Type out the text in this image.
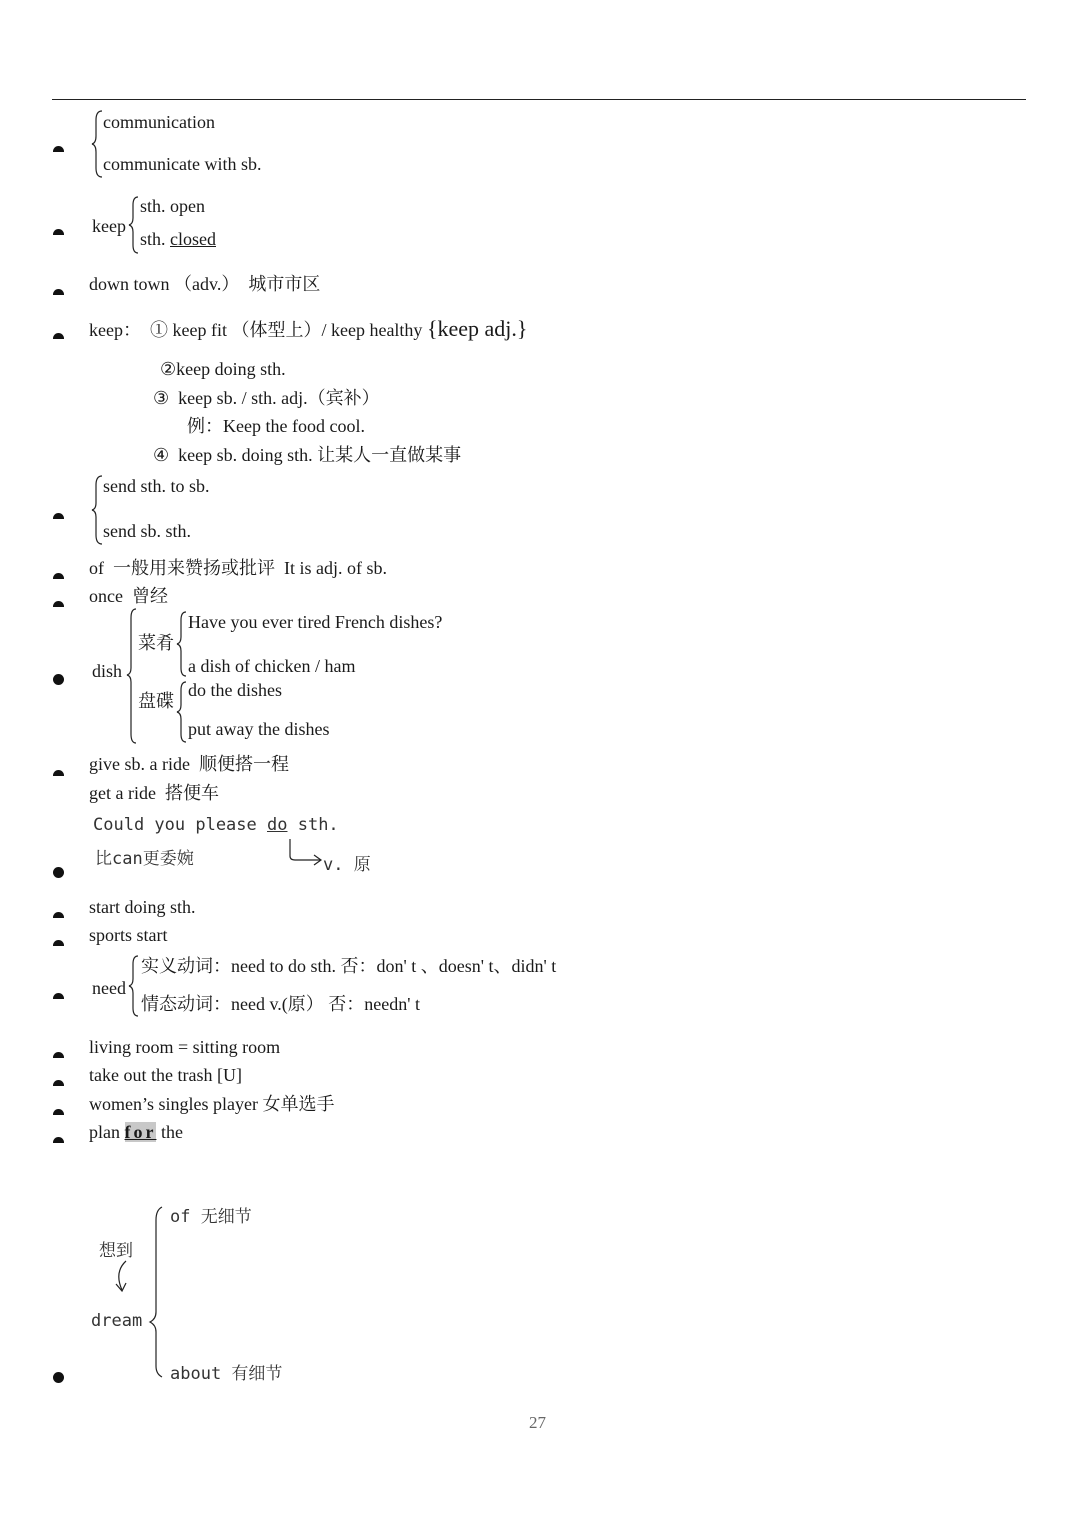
communication
communicate with sb.
keep
sth. open
sth. closed
down town （adv.） 城市市区
keep： ① keep fit （体型上）/ keep healthy {keep adj.}
②keep doing sth.
③ keep sb. / sth. adj.（宾补）
例：Keep the food cool.
④ keep sb. doing sth. 让某人一直做某事
send sth. to sb.
send sb. sth.
of 一般用来赞扬或批评 It is adj. of sb.
once 曾经
dish
菜肴
盘碟
Have you ever tired French dishes?
a dish of chicken / ham
do the dishes
put away the dishes
give sb. a ride 顺便搭一程
get a ride 搭便车
Could you please do sth.
比can更委婉	v. 原
start doing sth.
sports start
need
实义动词：need to do sth. 否：don' t 、doesn' t、didn' t
情态动词：need v.(原） 否：needn' t
living room = sitting room
take out the trash [U]
women’s singles player 女单选手
plan for the
想到
dream
of 无细节
about 有细节
27
